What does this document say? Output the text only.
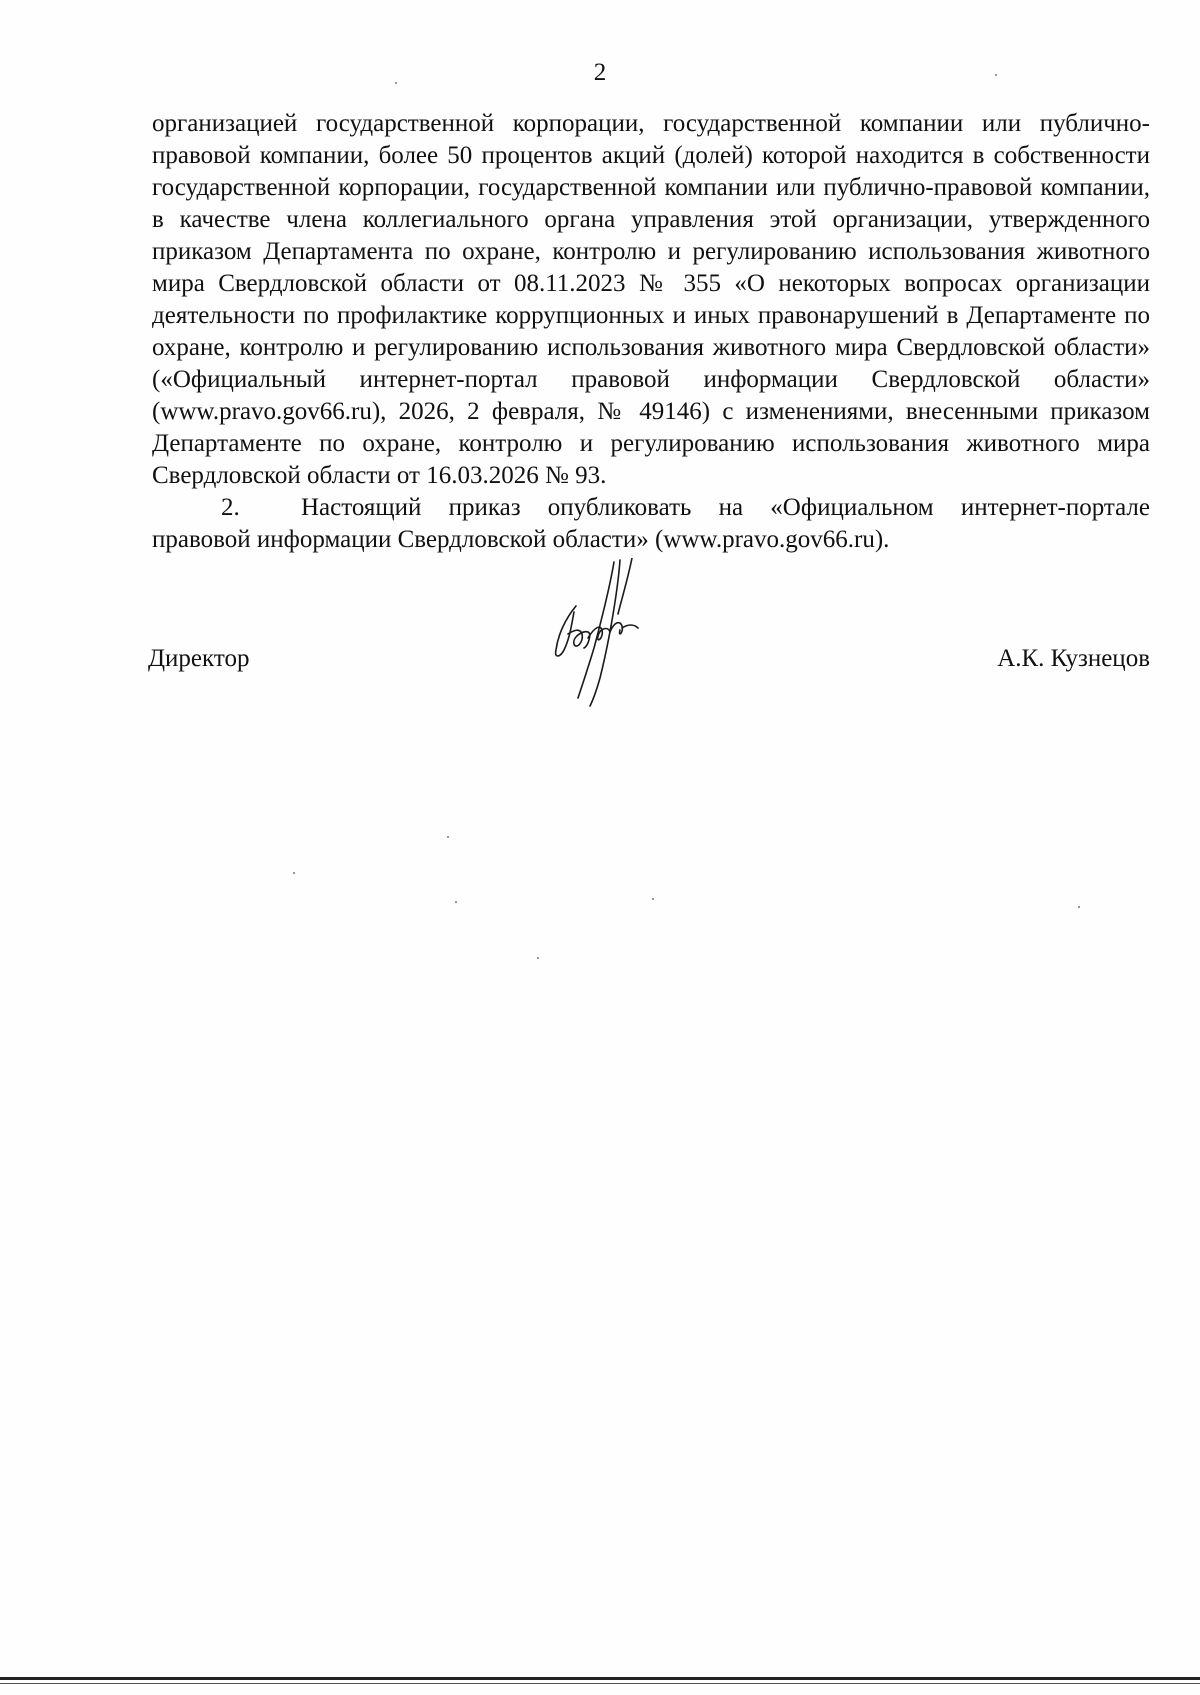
2

организацией государственной корпорации, государственной компании или публично-правовой компании, более 50 процентов акций (долей) которой находится в собственности государственной корпорации, государственной компании или публично-правовой компании, в качестве члена коллегиального органа управления этой организации, утвержденного приказом Департамента по охране, контролю и регулированию использования животного мира Свердловской области от 08.11.2023 № 355 «О некоторых вопросах организации деятельности по профилактике коррупционных и иных правонарушений в Департаменте по охране, контролю и регулированию использования животного мира Свердловской области» («Официальный интернет-портал правовой информации Свердловской области» (www.pravo.gov66.ru), 2026, 2 февраля, № 49146) с изменениями, внесенными приказом Департаменте по охране, контролю и регулированию использования животного мира Свердловской области от 16.03.2026 № 93.

2. Настоящий приказ опубликовать на «Официальном интернет-портале правовой информации Свердловской области» (www.pravo.gov66.ru).

Директор	А.К. Кузнецов
